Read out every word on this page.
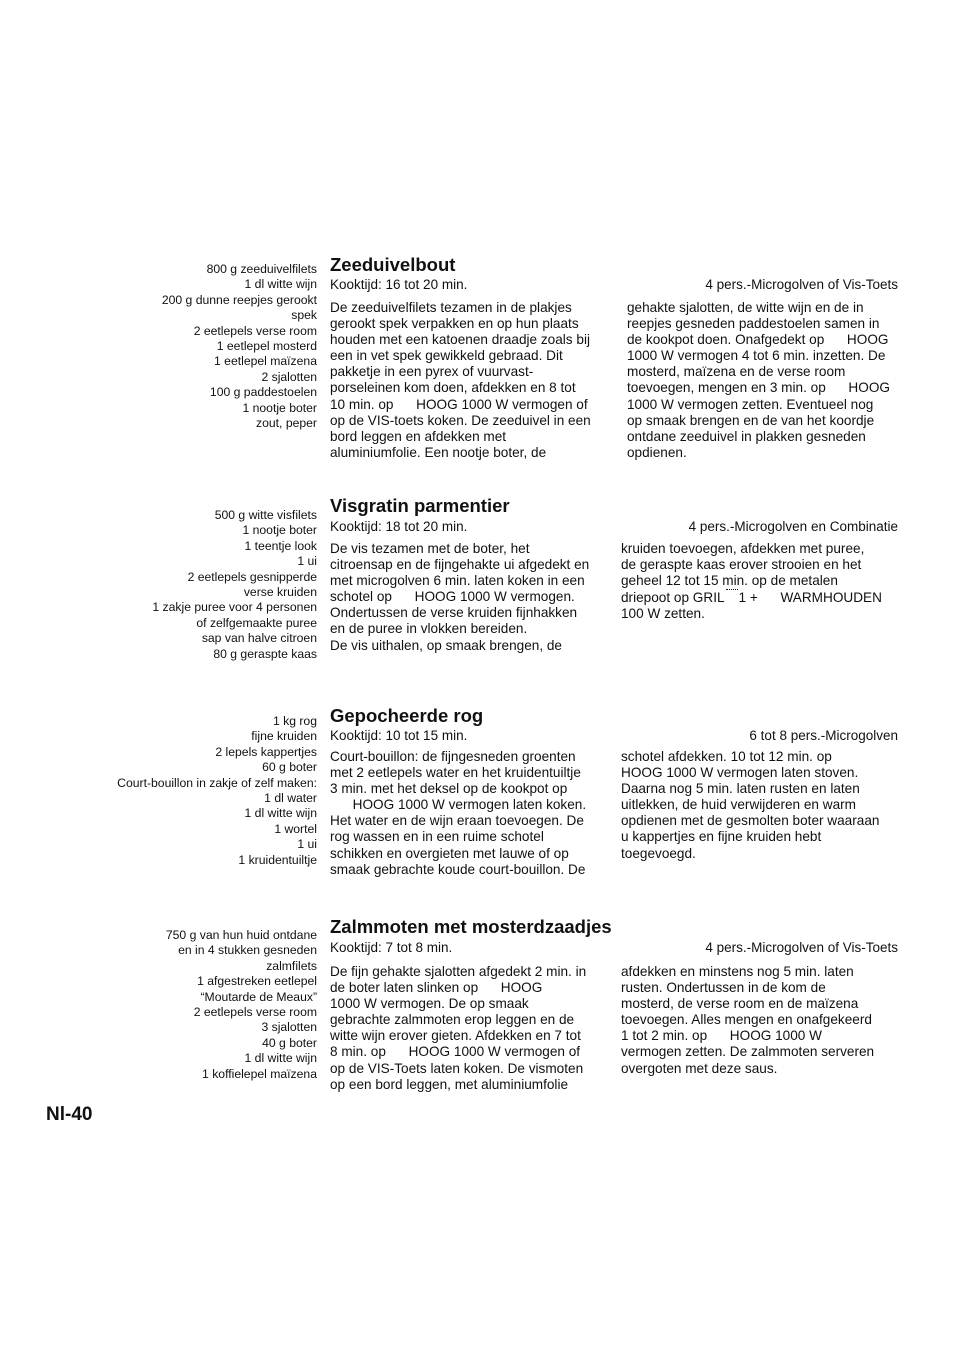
800 g zeeduivelfilets
1 dl witte wijn
200 g dunne reepjes gerookt
spek
2 eetlepels verse room
1 eetlepel mosterd
1 eetlepel maïzena
2 sjalotten
100 g paddestoelen
1 nootje boter
zout, peper
Zeeduivelbout
Kooktijd: 16 tot 20 min.	4 pers.-Microgolven of Vis-Toets
De zeeduivelfilets tezamen in de plakjes
gerookt spek verpakken en op hun plaats
houden met een katoenen draadje zoals bij
een in vet spek gewikkeld gebraad. Dit
pakketje in een pyrex of vuurvast-
porseleinen kom doen, afdekken en 8 tot
10 min. op      HOOG 1000 W vermogen of
op de VIS-toets koken. De zeeduivel in een
bord leggen en afdekken met
aluminiumfolie. Een nootje boter, de
gehakte sjalotten, de witte wijn en de in
reepjes gesneden paddestoelen samen in
de kookpot doen. Onafgedekt op      HOOG
1000 W vermogen 4 tot 6 min. inzetten. De
mosterd, maïzena en de verse room
toevoegen, mengen en 3 min. op      HOOG
1000 W vermogen zetten. Eventueel nog
op smaak brengen en de van het koordje
ontdane zeeduivel in plakken gesneden
opdienen.
500 g witte visfilets
1 nootje boter
1 teentje look
1 ui
2 eetlepels gesnipperde
verse kruiden
1 zakje puree voor 4 personen
of zelfgemaakte puree
sap van halve citroen
80 g geraspte kaas
Visgratin parmentier
Kooktijd: 18 tot 20 min.	4 pers.-Microgolven en Combinatie
De vis tezamen met de boter, het
citroensap en de fijngehakte ui afgedekt en
met microgolven 6 min. laten koken in een
schotel op      HOOG 1000 W vermogen.
Ondertussen de verse kruiden fijnhakken
en de puree in vlokken bereiden.
De vis uithalen, op smaak brengen, de
kruiden toevoegen, afdekken met puree,
de geraspte kaas erover strooien en het
geheel 12 tot 15 min. op de metalen
driepoot op GRIL 1 +      WARMHOUDEN
100 W zetten.
1 kg rog
fijne kruiden
2 lepels kappertjes
60 g boter
Court-bouillon in zakje of zelf maken:
1 dl water
1 dl witte wijn
1 wortel
1 ui
1 kruidentuiltje
Gepocheerde rog
Kooktijd: 10 tot 15 min.	6 tot 8 pers.-Microgolven
Court-bouillon: de fijngesneden groenten
met 2 eetlepels water en het kruidentuiltje
3 min. met het deksel op de kookpot op
HOOG 1000 W vermogen laten koken.
Het water en de wijn eraan toevoegen. De
rog wassen en in een ruime schotel
schikken en overgieten met lauwe of op
smaak gebrachte koude court-bouillon. De
schotel afdekken. 10 tot 12 min. op
HOOG 1000 W vermogen laten stoven.
Daarna nog 5 min. laten rusten en laten
uitlekken, de huid verwijderen en warm
opdienen met de gesmolten boter waaraan
u kappertjes en fijne kruiden hebt
toegevoegd.
750 g van hun huid ontdane
en in 4 stukken gesneden
zalmfilets
1 afgestreken eetlepel
“Moutarde de Meaux”
2 eetlepels verse room
3 sjalotten
40 g boter
1 dl witte wijn
1 koffielepel maïzena
Zalmmoten met mosterdzaadjes
Kooktijd: 7 tot 8 min.	4 pers.-Microgolven of Vis-Toets
De fijn gehakte sjalotten afgedekt 2 min. in
de boter laten slinken op      HOOG
1000 W vermogen. De op smaak
gebrachte zalmmoten erop leggen en de
witte wijn erover gieten. Afdekken en 7 tot
8 min. op      HOOG 1000 W vermogen of
op de VIS-Toets laten koken. De vismoten
op een bord leggen, met aluminiumfolie
afdekken en minstens nog 5 min. laten
rusten. Ondertussen in de kom de
mosterd, de verse room en de maïzena
toevoegen. Alles mengen en onafgekeerd
1 tot 2 min. op      HOOG 1000 W
vermogen zetten. De zalmmoten serveren
overgoten met deze saus.
Nl-40
